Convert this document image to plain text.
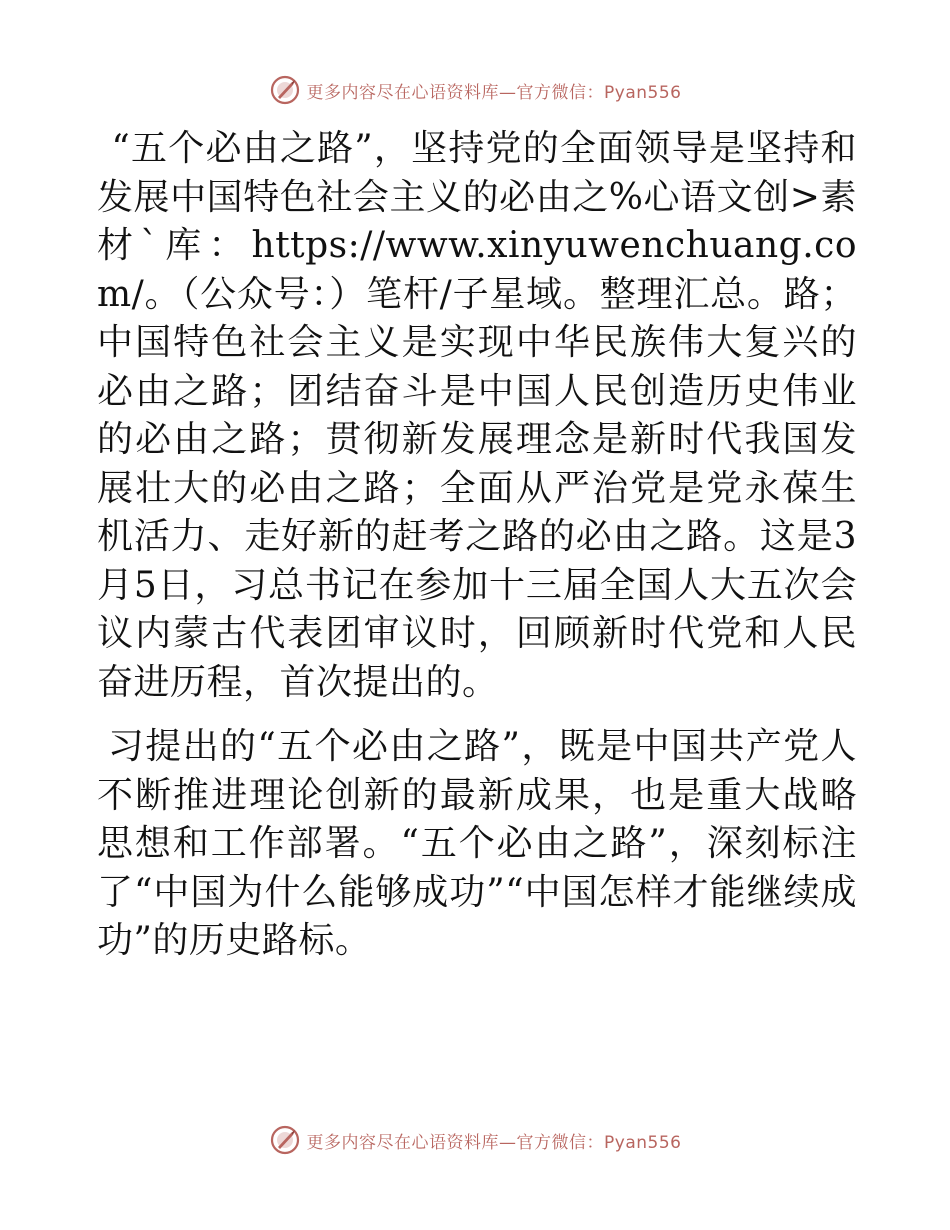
更多内容尽在心语资料库—官方微信：Pyan556

“五个必由之路”，坚持党的全面领导是坚持和发展中国特色社会主义的必由之%心语文创>素材`库：https://www.xinyuwenchuang.com/。（公众号：）笔杆/子星域。整理汇总。路；中国特色社会主义是实现中华民族伟大复兴的必由之路；团结奋斗是中国人民创造历史伟业的必由之路；贯彻新发展理念是新时代我国发展壮大的必由之路；全面从严治党是党永葆生机活力、走好新的赶考之路的必由之路。这是3月5日，习总书记在参加十三届全国人大五次会议内蒙古代表团审议时，回顾新时代党和人民奋进历程，首次提出的。

习提出的“五个必由之路”，既是中国共产党人不断推进理论创新的最新成果，也是重大战略思想和工作部署。“五个必由之路”，深刻标注了“中国为什么能够成功”“中国怎样才能继续成功”的历史路标。

更多内容尽在心语资料库—官方微信：Pyan556
